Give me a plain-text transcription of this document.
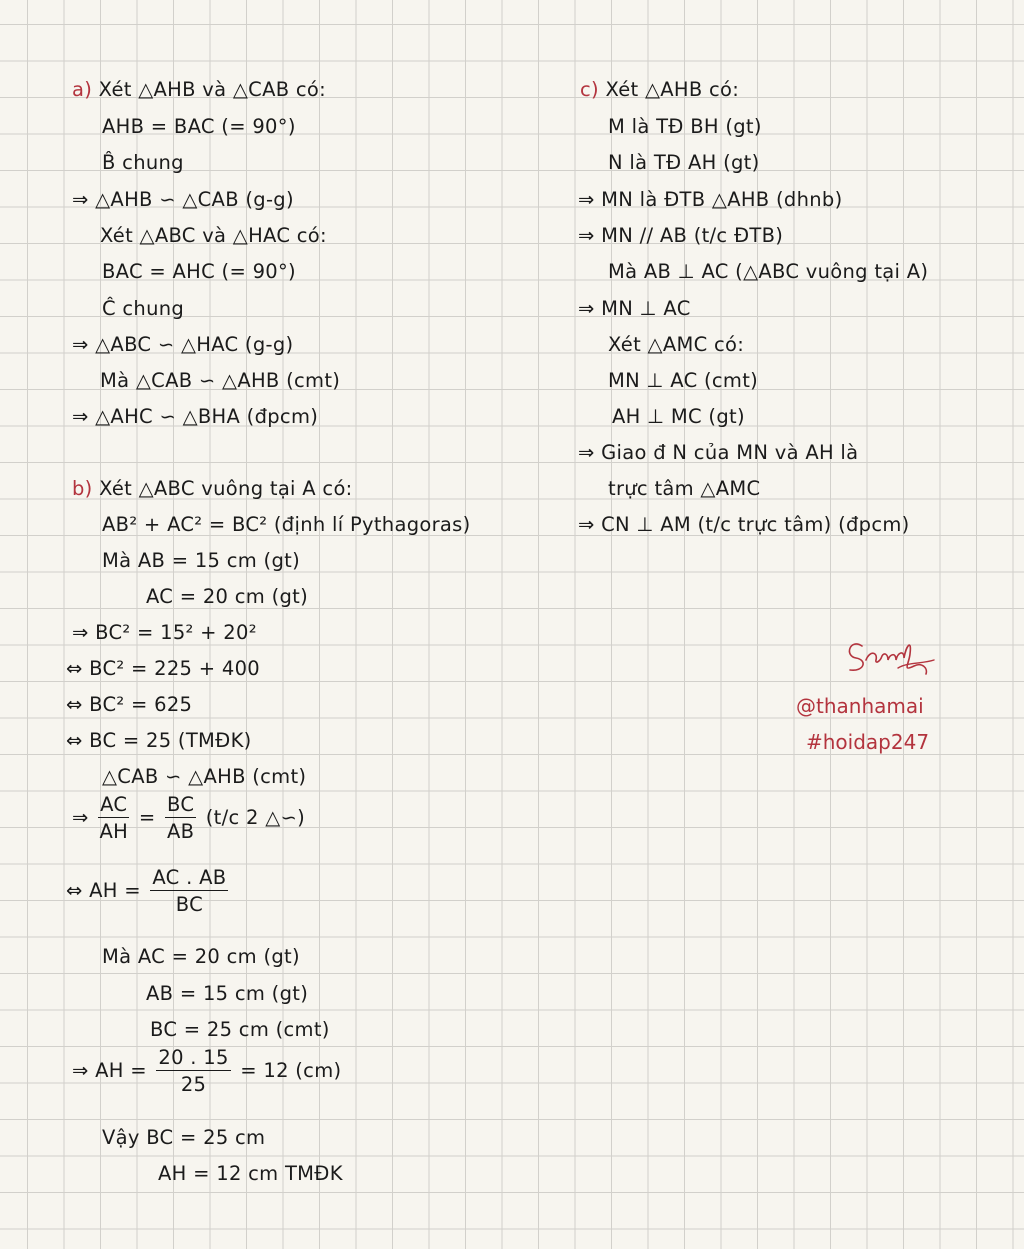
a) Xét △AHB và △CAB có:
AHB = BAC (= 90°)
B̂ chung
⇒ △AHB ∽ △CAB (g-g)
Xét △ABC và △HAC có:
BAC = AHC (= 90°)
Ĉ chung
⇒ △ABC ∽ △HAC (g-g)
Mà △CAB ∽ △AHB (cmt)
⇒ △AHC ∽ △BHA (đpcm)
b) Xét △ABC vuông tại A có:
AB² + AC² = BC² (định lí Pythagoras)
Mà AB = 15 cm (gt)
AC = 20 cm (gt)
⇒ BC² = 15² + 20²
⇔ BC² = 225 + 400
⇔ BC² = 625
⇔ BC = 25 (TMĐK)
△CAB ∽ △AHB (cmt)
⇒ $\frac{AC}{AH} = \frac{BC}{AB} (t/c$ 2 △∽)
⇔ AH = $\frac{AC . AB}{BC}$
Mà AC = 20 cm (gt)
AB = 15 cm (gt)
BC = 25 cm (cmt)
⇒ AH = $\frac{20 . 15}{25} = 12$ (cm)
Vậy BC = 25 cm
AH = 12 cm TMĐK
c) Xét △AHB có:
M là TĐ BH (gt)
N là TĐ AH (gt)
⇒ MN là ĐTB △AHB (dhnb)
⇒ MN // AB (t/c ĐTB)
Mà AB ⊥ AC (△ABC vuông tại A)
⇒ MN ⊥ AC
Xét △AMC có:
MN ⊥ AC (cmt)
AH ⊥ MC (gt)
⇒ Giao đ N của MN và AH là
trực tâm △AMC
⇒ CN ⊥ AM (t/c trực tâm) (đpcm)
@thanhamai
#hoidap247
